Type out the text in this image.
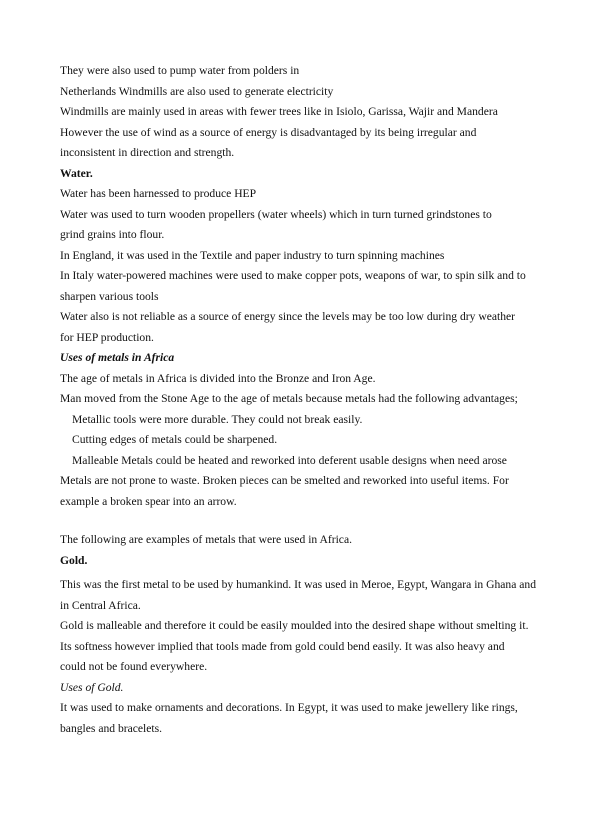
They were also used to pump water from polders in
Netherlands Windmills are also used to generate electricity
Windmills are mainly used in areas with fewer trees like in Isiolo, Garissa, Wajir and Mandera
However the use of wind as a source of energy is disadvantaged by its being irregular and
inconsistent in direction and strength.
Water.
Water has been harnessed to produce HEP
Water was used to turn wooden propellers (water wheels) which in turn turned grindstones to
grind grains into flour.
In England, it was used in the Textile and paper industry to turn spinning machines
In Italy water-powered machines were used to make copper pots, weapons of war, to spin silk and to
sharpen various tools
Water also is not reliable as a source of energy since the levels may be too low during dry weather
for HEP production.
Uses of metals in Africa
The age of metals in Africa is divided into the Bronze and Iron Age.
Man moved from the Stone Age to the age of metals because metals had the following advantages;
Metallic tools were more durable. They could not break easily.
Cutting edges of metals could be sharpened.
Malleable Metals could be heated and reworked into deferent usable designs when need arose
Metals are not prone to waste. Broken pieces can be smelted and reworked into useful items. For
example a broken spear into an arrow.
The following are examples of metals that were used in Africa.
Gold.
This was the first metal to be used by humankind. It was used in Meroe, Egypt, Wangara in Ghana and
in Central Africa.
Gold is malleable and therefore it could be easily moulded into the desired shape without smelting it.
Its softness however implied that tools made from gold could bend easily. It was also heavy and
could not be found everywhere.
Uses of Gold.
It was used to make ornaments and decorations. In Egypt, it was used to make jewellery like rings,
bangles and bracelets.
